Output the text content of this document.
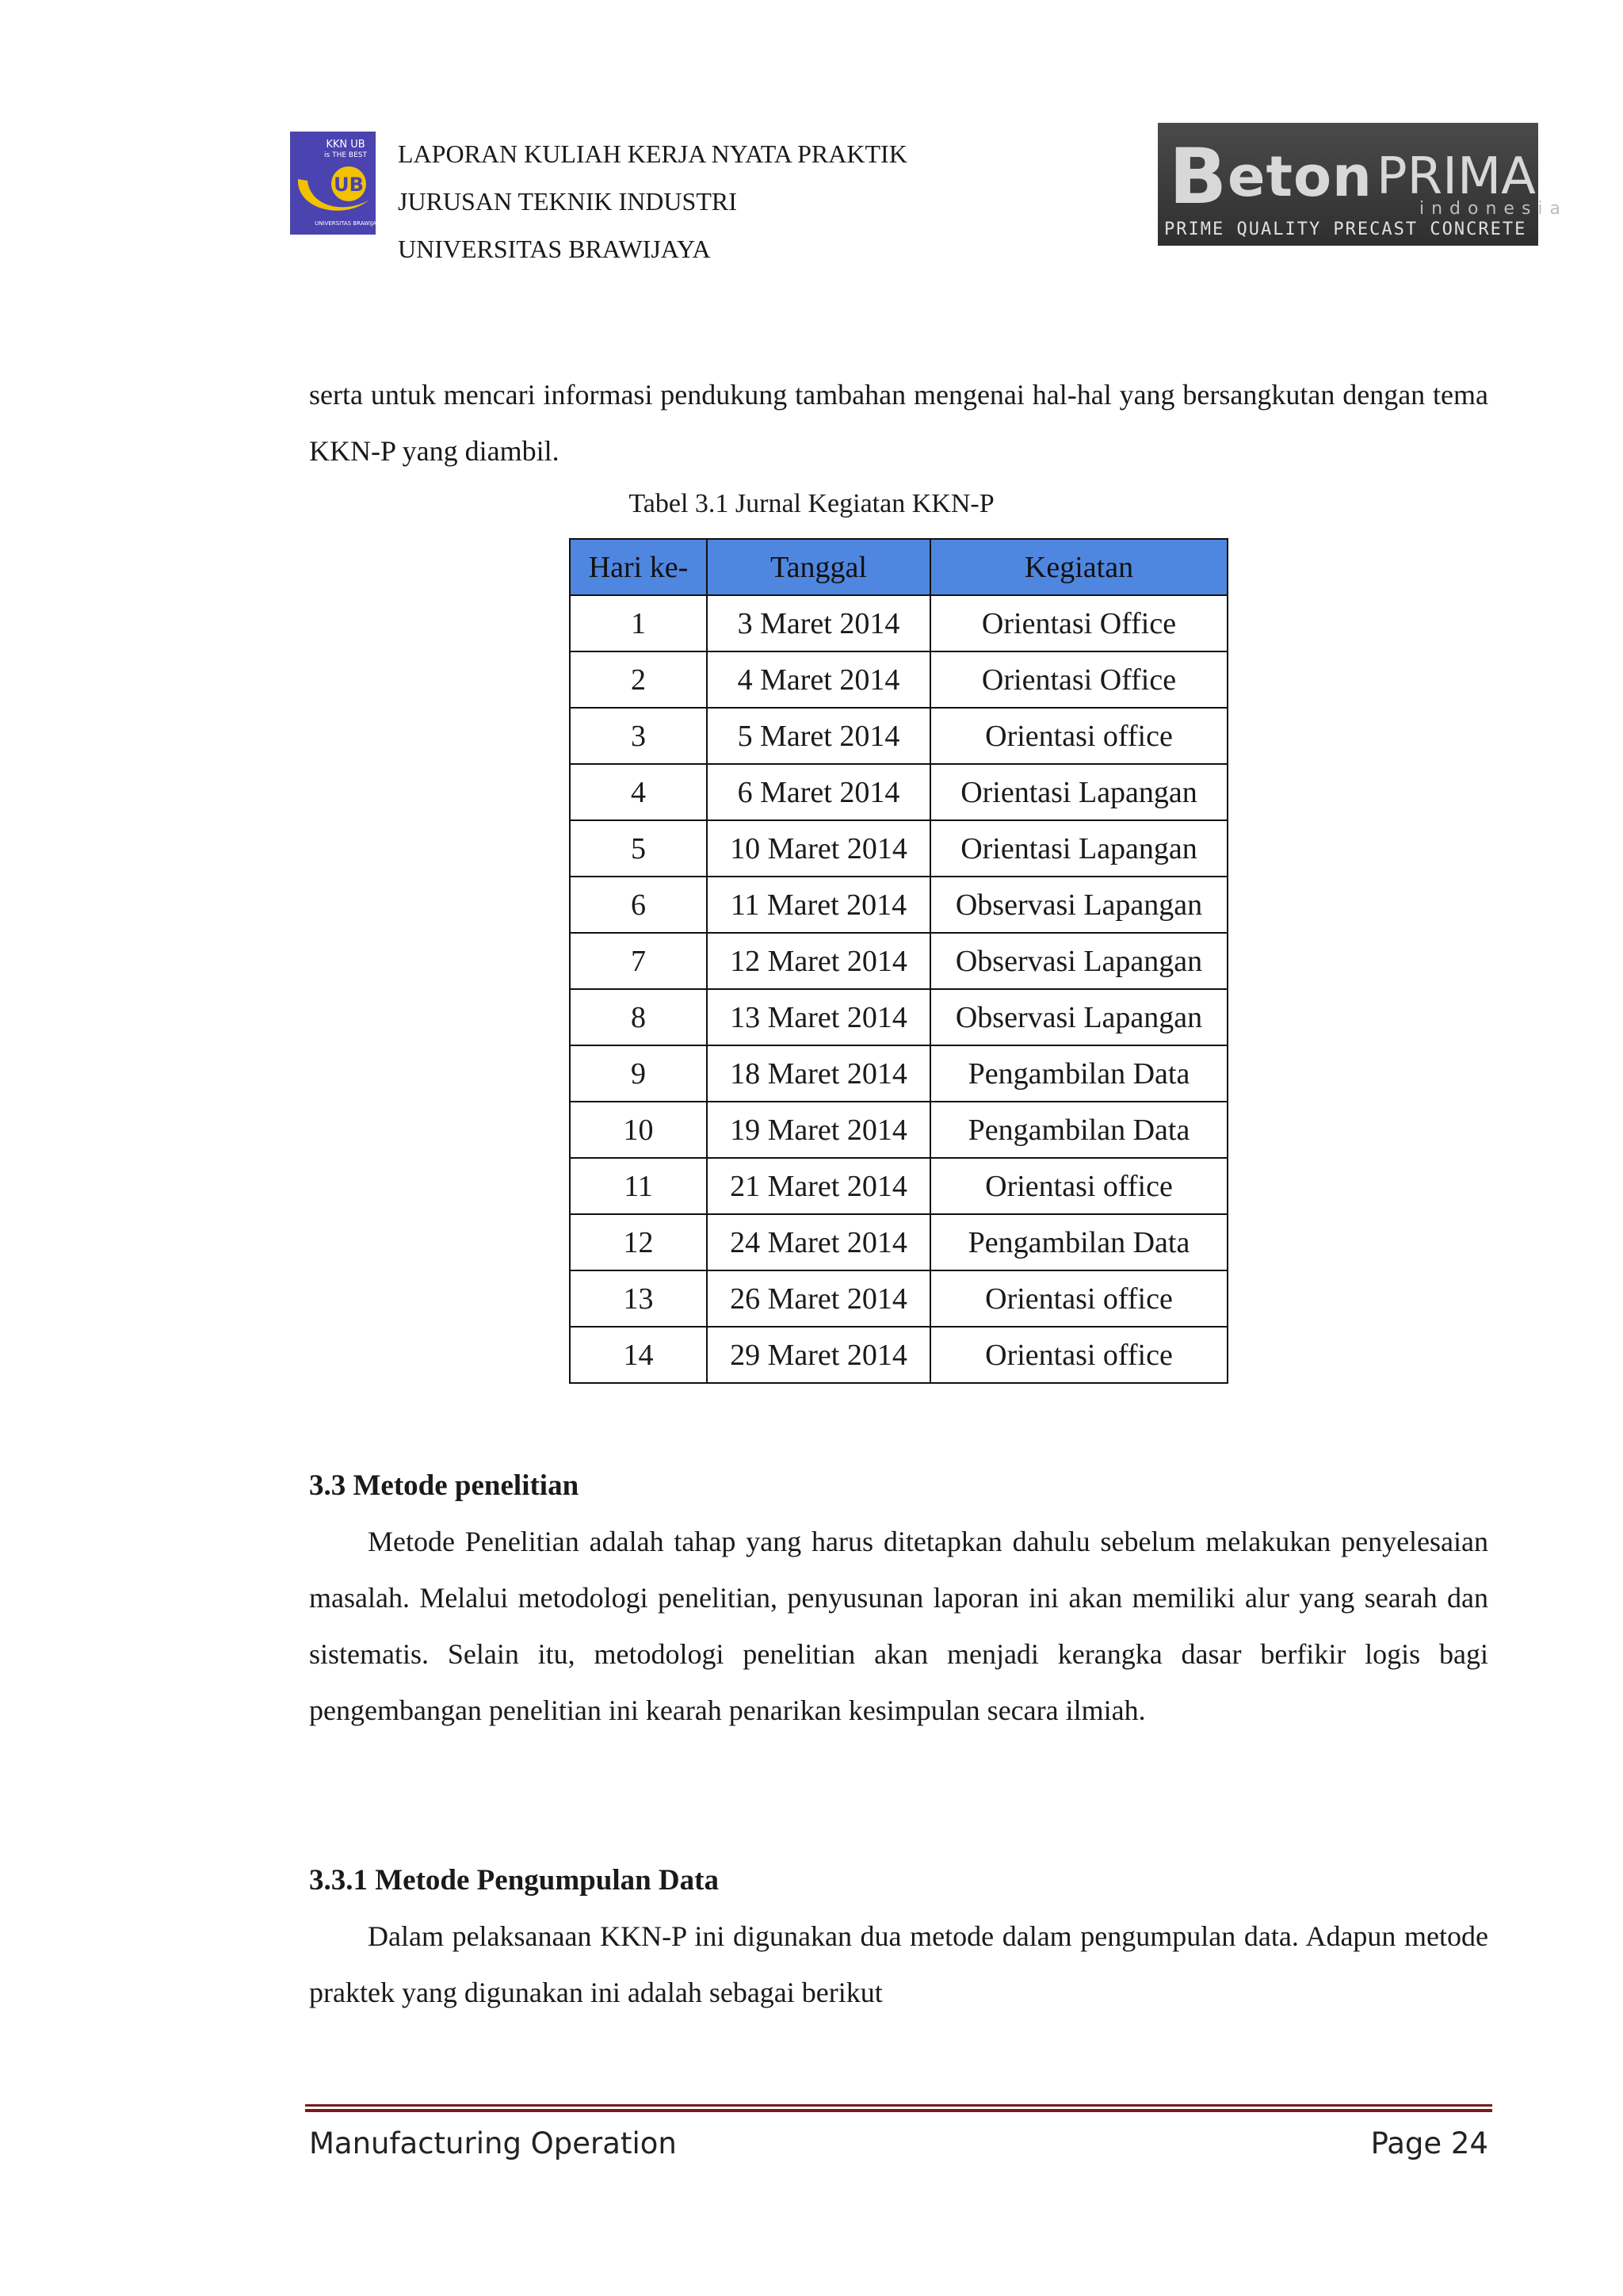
KKN UB
is THE BEST
UB
UNIVERSITAS BRAWIJAYA
LAPORAN KULIAH KERJA NYATA PRAKTIK
JURUSAN TEKNIK INDUSTRI
UNIVERSITAS BRAWIJAYA
B eton PRIMA
indonesia
PRIME QUALITY PRECAST CONCRETE
serta untuk mencari informasi pendukung tambahan mengenai hal-hal yang bersangkutan dengan tema KKN-P yang diambil.
Tabel 3.1 Jurnal Kegiatan KKN-P
Hari ke-	Tanggal	Kegiatan
1	3 Maret 2014	Orientasi Office
2	4 Maret 2014	Orientasi Office
3	5 Maret 2014	Orientasi office
4	6 Maret 2014	Orientasi Lapangan
5	10 Maret 2014	Orientasi Lapangan
6	11 Maret 2014	Observasi Lapangan
7	12 Maret 2014	Observasi Lapangan
8	13 Maret 2014	Observasi Lapangan
9	18 Maret 2014	Pengambilan Data
10	19 Maret 2014	Pengambilan Data
11	21 Maret 2014	Orientasi office
12	24 Maret 2014	Pengambilan Data
13	26 Maret 2014	Orientasi office
14	29 Maret 2014	Orientasi office
3.3 Metode penelitian
Metode Penelitian adalah tahap yang harus ditetapkan dahulu sebelum melakukan penyelesaian masalah. Melalui metodologi penelitian, penyusunan laporan ini akan memiliki alur yang searah dan sistematis. Selain itu, metodologi penelitian akan menjadi kerangka dasar berfikir logis bagi pengembangan penelitian ini kearah penarikan kesimpulan secara ilmiah.
3.3.1 Metode Pengumpulan Data
Dalam pelaksanaan KKN-P ini digunakan dua metode dalam pengumpulan data. Adapun metode praktek yang digunakan ini adalah sebagai berikut
Manufacturing Operation	Page 24
